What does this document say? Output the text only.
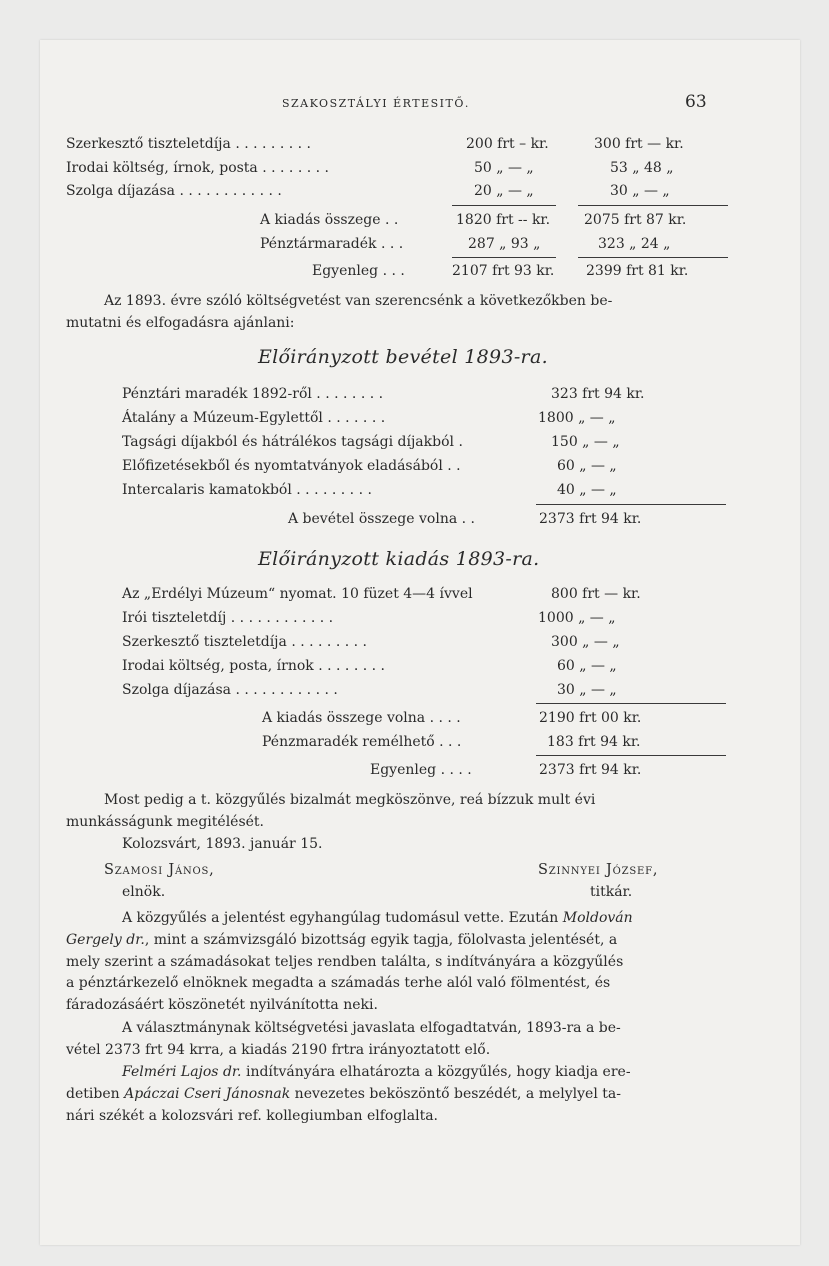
SZAKOSZTÁLYI ÉRTESITŐ.	63
Szerkesztő tiszteletdíja . . . . . . . . .	200 frt – kr.	300 frt — kr.
Irodai költség, írnok, posta . . . . . . . .	50 „ — „	53 „ 48 „
Szolga díjazása . . . . . . . . . . . .	20 „ — „	30 „ — „
A kiadás összege . .	1820 frt -- kr. 2075 frt 87 kr.
Pénztármaradék . . .	287 „ 93 „	323 „ 24 „
Egyenleg . . .	2107 frt 93 kr. 2399 frt 81 kr.
Az 1893. évre szóló költségvetést van szerencsénk a következőkben be-
mutatni és elfogadásra ajánlani:
Előirányzott bevétel 1893-ra.
Pénztári maradék 1892-ről . . . . . . . .	323 frt 94 kr.
Átalány a Múzeum-Egylettől . . . . . . .	1800 „ — „
Tagsági díjakból és hátrálékos tagsági díjakból .	150 „ — „
Előfizetésekből és nyomtatványok eladásából . .	60 „ — „
Intercalaris kamatokból . . . . . . . . .	40 „ — „
A bevétel összege volna . .	2373 frt 94 kr.
Előirányzott kiadás 1893-ra.
Az „Erdélyi Múzeum“ nyomat. 10 füzet 4—4 ívvel	800 frt — kr.
Irói tiszteletdíj . . . . . . . . . . . .	1000 „ — „
Szerkesztő tiszteletdíja . . . . . . . . .	300 „ — „
Irodai költség, posta, írnok . . . . . . . .	60 „ — „
Szolga díjazása . . . . . . . . . . . .	30 „ — „
A kiadás összege volna . . . .	2190 frt 00 kr.
Pénzmaradék remélhető . . .	183 frt 94 kr.
Egyenleg . . . .	2373 frt 94 kr.
Most pedig a t. közgyűlés bizalmát megköszönve, reá bízzuk mult évi
munkásságunk megitélését.
Kolozsvárt, 1893. január 15.
Szamosi János,
elnök.
Szinnyei József,
titkár.
A közgyűlés a jelentést egyhangúlag tudomásul vette. Ezután Moldován
Gergely dr., mint a számvizsgáló bizottság egyik tagja, fölolvasta jelentését, a
mely szerint a számadásokat teljes rendben találta, s indítványára a közgyűlés
a pénztárkezelő elnöknek megadta a számadás terhe alól való fölmentést, és
fáradozásáért köszönetét nyilvánította neki.
A választmánynak költségvetési javaslata elfogadtatván, 1893-ra a be-
vétel 2373 frt 94 krra, a kiadás 2190 frtra irányoztatott elő.
Felméri Lajos dr. indítványára elhatározta a közgyűlés, hogy kiadja ere-
detiben Apáczai Cseri Jánosnak nevezetes beköszöntő beszédét, a melylyel ta-
nári székét a kolozsvári ref. kollegiumban elfoglalta.
